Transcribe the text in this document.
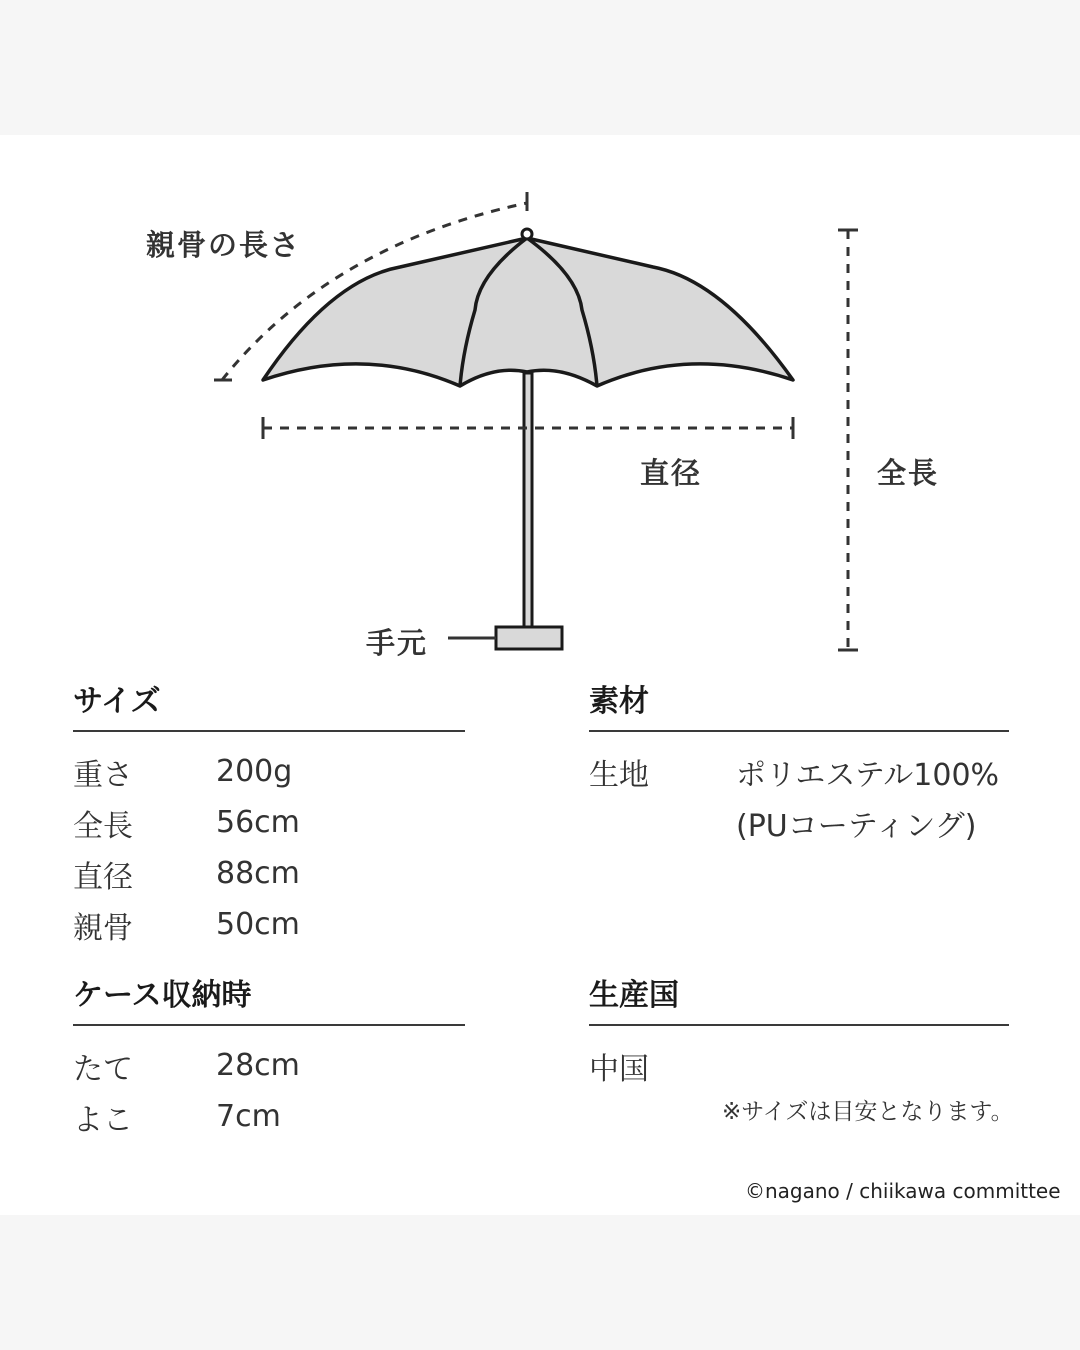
親骨の長さ
直径	全長
手元
サイズ
重さ	200g
全長	56cm
直径	88cm
親骨	50cm
素材
生地	ポリエステル100%
(PUコーティング)
ケース収納時
たて	28cm
よこ	7cm
生産国
中国
※サイズは目安となります。
©nagano / chiikawa committee
